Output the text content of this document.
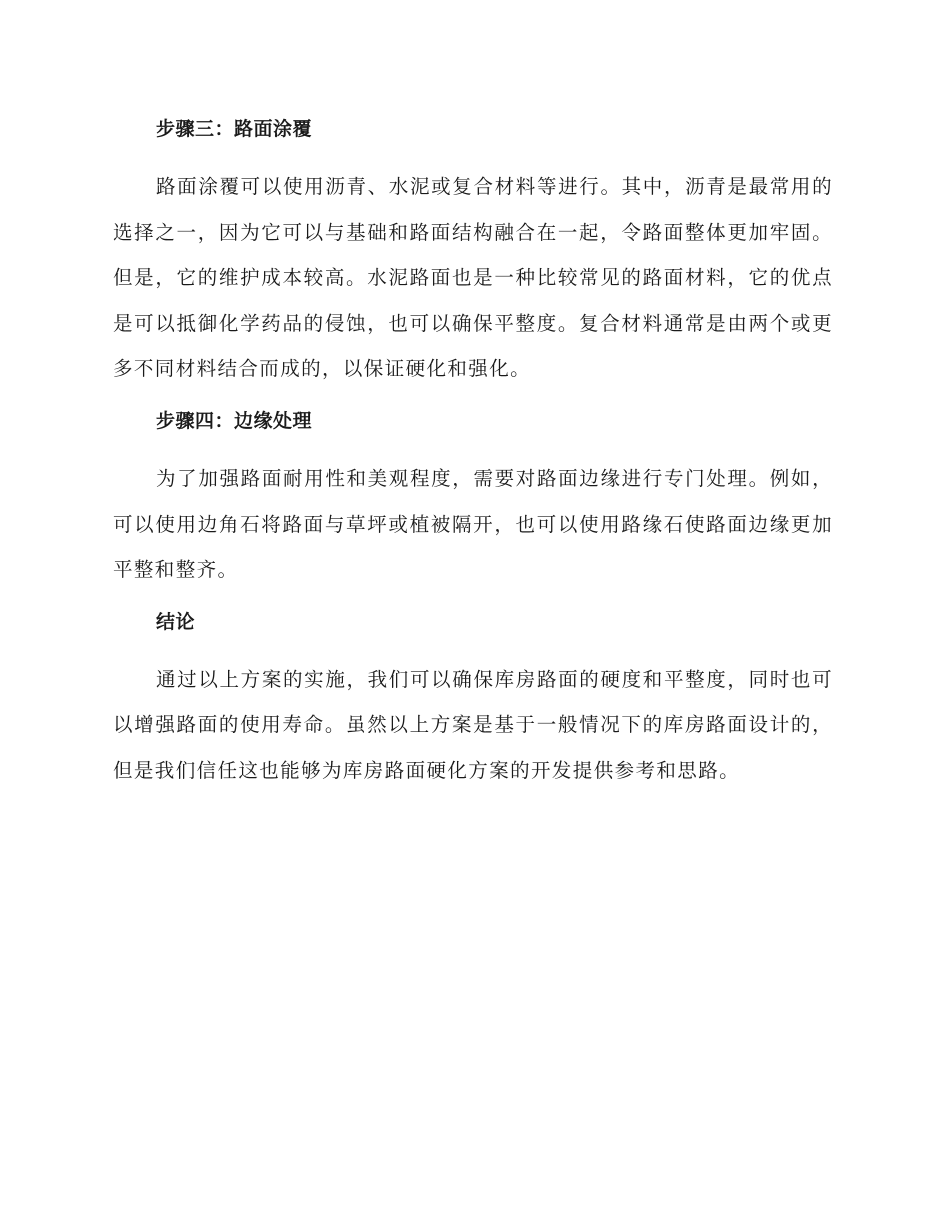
步骤三：路面涂覆

路面涂覆可以使用沥青、水泥或复合材料等进行。其中，沥青是最常用的选择之一，因为它可以与基础和路面结构融合在一起，令路面整体更加牢固。但是，它的维护成本较高。水泥路面也是一种比较常见的路面材料，它的优点是可以抵御化学药品的侵蚀，也可以确保平整度。复合材料通常是由两个或更多不同材料结合而成的，以保证硬化和强化。

步骤四：边缘处理

为了加强路面耐用性和美观程度，需要对路面边缘进行专门处理。例如，可以使用边角石将路面与草坪或植被隔开，也可以使用路缘石使路面边缘更加平整和整齐。

结论

通过以上方案的实施，我们可以确保库房路面的硬度和平整度，同时也可以增强路面的使用寿命。虽然以上方案是基于一般情况下的库房路面设计的，但是我们信任这也能够为库房路面硬化方案的开发提供参考和思路。
